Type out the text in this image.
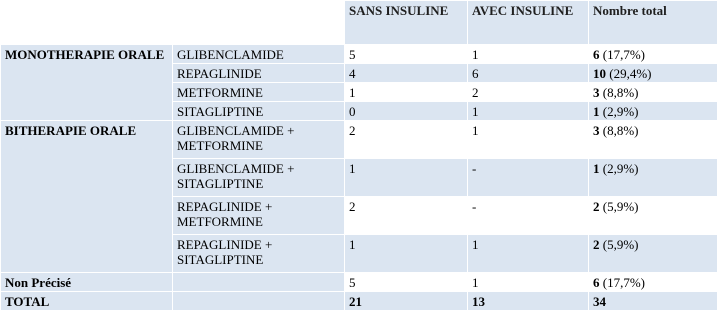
		SANS INSULINE	AVEC INSULINE	Nombre total
MONOTHERAPIE ORALE	GLIBENCLAMIDE	5	1	6 (17,7%)
	REPAGLINIDE	4	6	10 (29,4%)
	METFORMINE	1	2	3 (8,8%)
	SITAGLIPTINE	0	1	1 (2,9%)
BITHERAPIE ORALE	GLIBENCLAMIDE + METFORMINE	2	1	3 (8,8%)
	GLIBENCLAMIDE + SITAGLIPTINE	1	-	1 (2,9%)
	REPAGLINIDE + METFORMINE	2	-	2 (5,9%)
	REPAGLINIDE + SITAGLIPTINE	1	1	2 (5,9%)
Non Précisé		5	1	6 (17,7%)
TOTAL		21	13	34
